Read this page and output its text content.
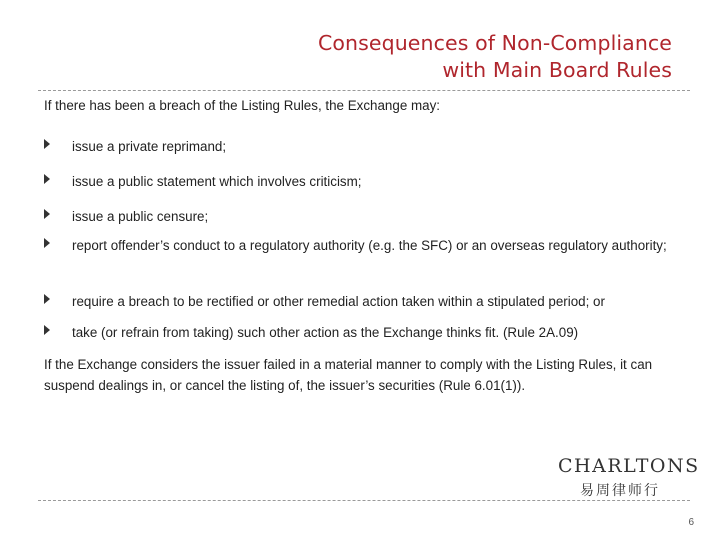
Consequences of Non-Compliance
with Main Board Rules
If there has been a breach of the Listing Rules, the Exchange may:
issue a private reprimand;
issue a public statement which involves criticism;
issue a public censure;
report offender’s conduct to a regulatory authority (e.g. the SFC) or an overseas regulatory authority;
require a breach to be rectified or other remedial action taken within a stipulated period; or
take (or refrain from taking) such other action as the Exchange thinks fit. (Rule 2A.09)
If the Exchange considers the issuer failed in a material manner to comply with the Listing Rules, it can suspend dealings in, or cancel the listing of, the issuer’s securities (Rule 6.01(1)).
CHARLTONS
易周律师行
6
